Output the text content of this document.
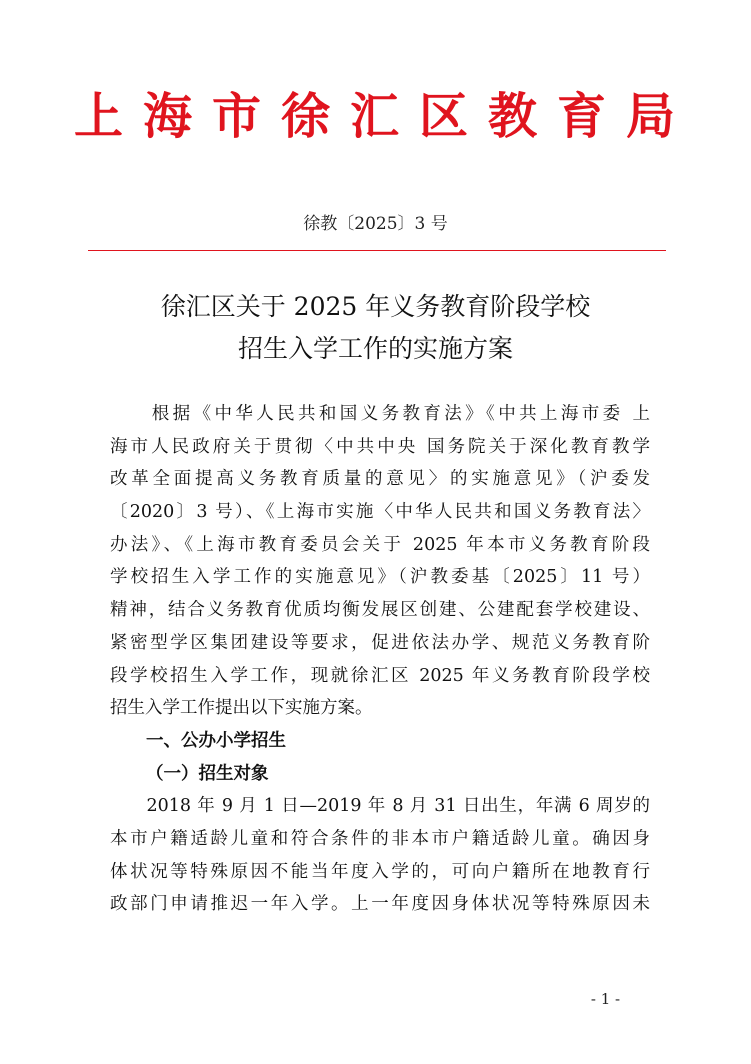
上海市徐汇区教育局
徐教〔2025〕3 号
徐汇区关于 2025 年义务教育阶段学校
招生入学工作的实施方案
　　根据《中华人民共和国义务教育法》《中共上海市委 上
海市人民政府关于贯彻〈中共中央 国务院关于深化教育教学
改革全面提高义务教育质量的意见〉的实施意见》（沪委发
〔2020〕3 号）、《上海市实施〈中华人民共和国义务教育法〉
办法》、《上海市教育委员会关于 2025 年本市义务教育阶段
学校招生入学工作的实施意见》（沪教委基〔2025〕11 号）
精神，结合义务教育优质均衡发展区创建、公建配套学校建设、
紧密型学区集团建设等要求，促进依法办学、规范义务教育阶
段学校招生入学工作，现就徐汇区 2025 年义务教育阶段学校
招生入学工作提出以下实施方案。
一、公办小学招生
（一）招生对象
　　2018 年 9 月 1 日—2019 年 8 月 31 日出生，年满 6 周岁的
本市户籍适龄儿童和符合条件的非本市户籍适龄儿童。确因身
体状况等特殊原因不能当年度入学的，可向户籍所在地教育行
政部门申请推迟一年入学。上一年度因身体状况等特殊原因未
- 1 -
